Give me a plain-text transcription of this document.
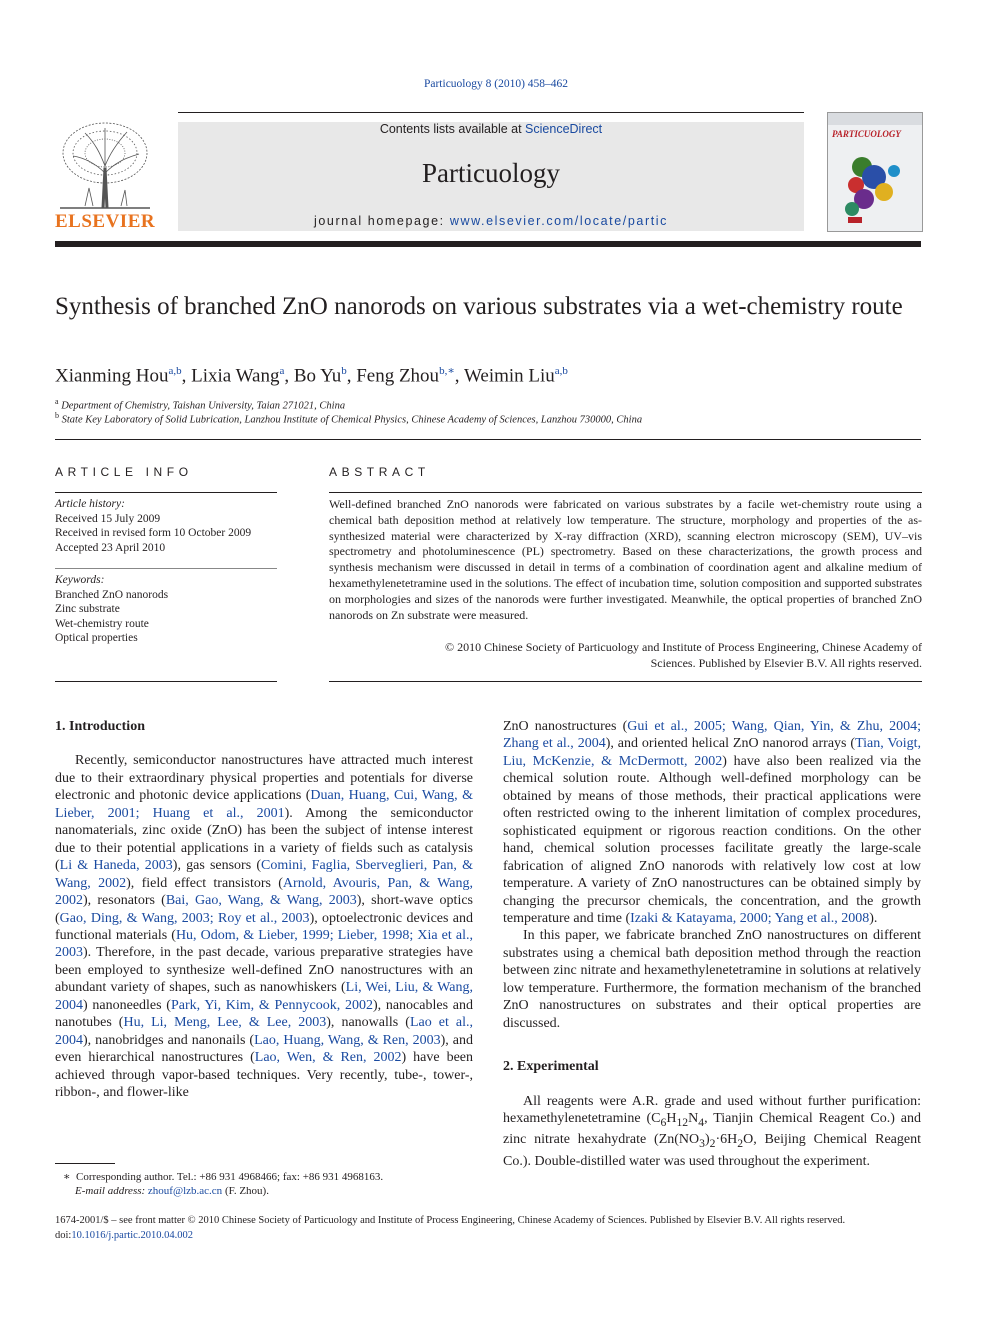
Particuology 8 (2010) 458–462
ELSEVIER
Contents lists available at ScienceDirect
Particuology
journal homepage: www.elsevier.com/locate/partic
PARTICUOLOGY
Synthesis of branched ZnO nanorods on various substrates via a wet-chemistry route
Xianming Hou$^{a,b}$, Lixia Wang$^a$, Bo Yu$^b$, Feng Zhou$^{b,∗}$, Weimin Liu$^{a,b}$
$^a$ Department of Chemistry, Taishan University, Taian 271021, China
$^b$ State Key Laboratory of Solid Lubrication, Lanzhou Institute of Chemical Physics, Chinese Academy of Sciences, Lanzhou 730000, China
ARTICLE INFO
Article history:
Received 15 July 2009
Received in revised form 10 October 2009
Accepted 23 April 2010
Keywords:
Branched ZnO nanorods
Zinc substrate
Wet-chemistry route
Optical properties
ABSTRACT
Well-defined branched ZnO nanorods were fabricated on various substrates by a facile wet-chemistry route using a chemical bath deposition method at relatively low temperature. The structure, morphology and properties of the as-synthesized material were characterized by X-ray diffraction (XRD), scanning electron microscopy (SEM), UV–vis spectrometry and photoluminescence (PL) spectrometry. Based on these characterizations, the growth process and synthesis mechanism were discussed in detail in terms of a combination of coordination agent and alkaline medium of hexamethylenetetramine used in the solutions. The effect of incubation time, solution composition and supported substrates on morphologies and sizes of the nanorods were further investigated. Meanwhile, the optical properties of branched ZnO nanorods on Zn substrate were measured.
© 2010 Chinese Society of Particuology and Institute of Process Engineering, Chinese Academy of
Sciences. Published by Elsevier B.V. All rights reserved.

1. Introduction

Recently, semiconductor nanostructures have attracted much interest due to their extraordinary physical properties and potentials for diverse electronic and photonic device applications (Duan, Huang, Cui, Wang, & Lieber, 2001; Huang et al., 2001). Among the semiconductor nanomaterials, zinc oxide (ZnO) has been the subject of intense interest due to their potential applications in a variety of fields such as catalysis (Li & Haneda, 2003), gas sensors (Comini, Faglia, Sberveglieri, Pan, & Wang, 2002), field effect transistors (Arnold, Avouris, Pan, & Wang, 2002), resonators (Bai, Gao, Wang, & Wang, 2003), short-wave optics (Gao, Ding, & Wang, 2003; Roy et al., 2003), optoelectronic devices and functional materials (Hu, Odom, & Lieber, 1999; Lieber, 1998; Xia et al., 2003). Therefore, in the past decade, various preparative strategies have been employed to synthesize well-defined ZnO nanostructures with an abundant variety of shapes, such as nanowhiskers (Li, Wei, Liu, & Wang, 2004) nanoneedles (Park, Yi, Kim, & Pennycook, 2002), nanocables and nanotubes (Hu, Li, Meng, Lee, & Lee, 2003), nanowalls (Lao et al., 2004), nanobridges and nanonails (Lao, Huang, Wang, & Ren, 2003), and even hierarchical nanostructures (Lao, Wen, & Ren, 2002) have been achieved through vapor-based techniques. Very recently, tube-, tower-, ribbon-, and flower-like

ZnO nanostructures (Gui et al., 2005; Wang, Qian, Yin, & Zhu, 2004; Zhang et al., 2004), and oriented helical ZnO nanorod arrays (Tian, Voigt, Liu, McKenzie, & McDermott, 2002) have also been realized via the chemical solution route. Although well-defined morphology can be obtained by means of those methods, their practical applications were often restricted owing to the inherent limitation of complex procedures, sophisticated equipment or rigorous reaction conditions. On the other hand, chemical solution processes facilitate greatly the large-scale fabrication of aligned ZnO nanorods with relatively low cost at low temperature. A variety of ZnO nanostructures can be obtained simply by changing the precursor chemicals, the concentration, and the growth temperature and time (Izaki & Katayama, 2000; Yang et al., 2008).

In this paper, we fabricate branched ZnO nanostructures on different substrates using a chemical bath deposition method through the reaction between zinc nitrate and hexamethylenetetramine in solutions at relatively low temperature. Furthermore, the formation mechanism of the branched ZnO nanostructures on substrates and their optical properties are discussed.

2. Experimental

All reagents were A.R. grade and used without further purification: hexamethylenetetramine ($C_6H_{12}N_4$, Tianjin Chemical Reagent Co.) and zinc nitrate hexahydrate ($Zn(NO_3)_2\cdot 6H_2O$, Beijing Chemical Reagent Co.). Double-distilled water was used throughout the experiment.

∗ Corresponding author. Tel.: +86 931 4968466; fax: +86 931 4968163.
E-mail address: zhouf@lzb.ac.cn (F. Zhou).
1674-2001/$ – see front matter © 2010 Chinese Society of Particuology and Institute of Process Engineering, Chinese Academy of Sciences. Published by Elsevier B.V. All rights reserved.
doi:10.1016/j.partic.2010.04.002
